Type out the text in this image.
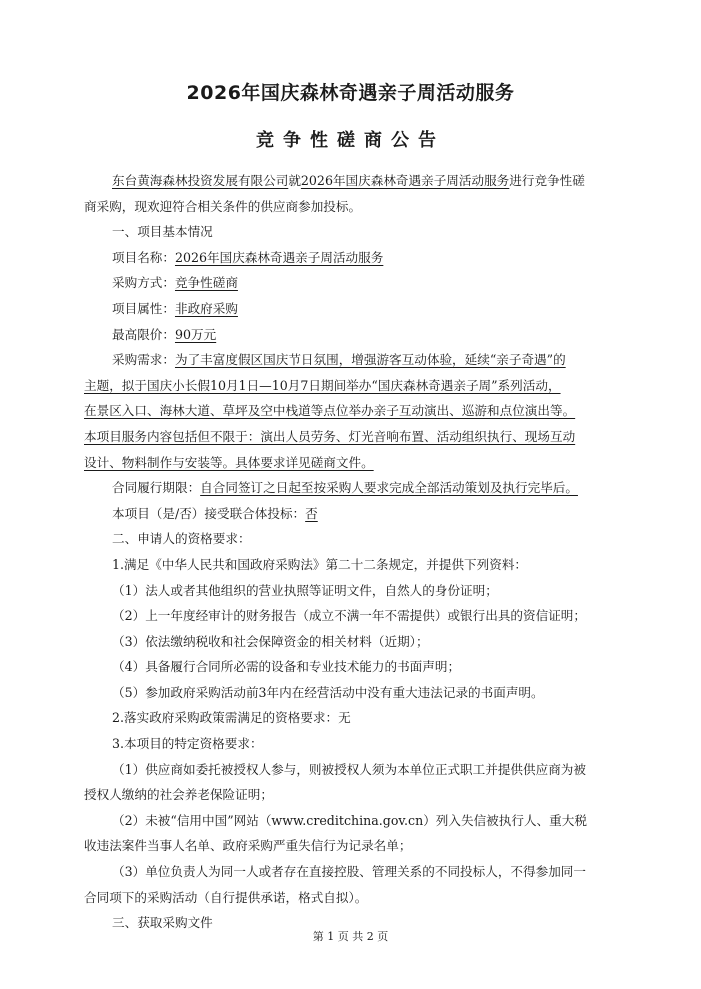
2026年国庆森林奇遇亲子周活动服务
竞争性磋商公告
东台黄海森林投资发展有限公司就2026年国庆森林奇遇亲子周活动服务进行竞争性磋
商采购，现欢迎符合相关条件的供应商参加投标。
一、项目基本情况
项目名称：2026年国庆森林奇遇亲子周活动服务
采购方式：竞争性磋商
项目属性：非政府采购
最高限价：90万元
采购需求：为了丰富度假区国庆节日氛围，增强游客互动体验，延续“亲子奇遇”的
主题，拟于国庆小长假10月1日—10月7日期间举办“国庆森林奇遇亲子周”系列活动，
在景区入口、海林大道、草坪及空中栈道等点位举办亲子互动演出、巡游和点位演出等。
本项目服务内容包括但不限于：演出人员劳务、灯光音响布置、活动组织执行、现场互动
设计、物料制作与安装等。具体要求详见磋商文件。
合同履行期限：自合同签订之日起至按采购人要求完成全部活动策划及执行完毕后。
本项目（是/否）接受联合体投标：否
二、申请人的资格要求：
1.满足《中华人民共和国政府采购法》第二十二条规定，并提供下列资料：
（1）法人或者其他组织的营业执照等证明文件，自然人的身份证明；
（2）上一年度经审计的财务报告（成立不满一年不需提供）或银行出具的资信证明；
（3）依法缴纳税收和社会保障资金的相关材料（近期）；
（4）具备履行合同所必需的设备和专业技术能力的书面声明；
（5）参加政府采购活动前3年内在经营活动中没有重大违法记录的书面声明。
2.落实政府采购政策需满足的资格要求：无
3.本项目的特定资格要求：
（1）供应商如委托被授权人参与，则被授权人须为本单位正式职工并提供供应商为被
授权人缴纳的社会养老保险证明；
（2）未被“信用中国”网站（www.creditchina.gov.cn）列入失信被执行人、重大税
收违法案件当事人名单、政府采购严重失信行为记录名单；
（3）单位负责人为同一人或者存在直接控股、管理关系的不同投标人，不得参加同一
合同项下的采购活动（自行提供承诺，格式自拟）。
三、获取采购文件
第 1 页 共 2 页
